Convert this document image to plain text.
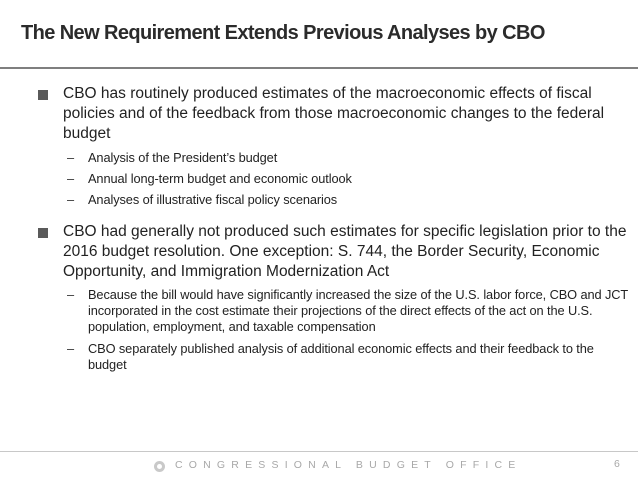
The New Requirement Extends Previous Analyses by CBO
CBO has routinely produced estimates of the macroeconomic effects of fiscal policies and of the feedback from those macroeconomic changes to the federal budget
– Analysis of the President’s budget
– Annual long-term budget and economic outlook
– Analyses of illustrative fiscal policy scenarios
CBO had generally not produced such estimates for specific legislation prior to the 2016 budget resolution. One exception: S. 744, the Border Security, Economic Opportunity, and Immigration Modernization Act
– Because the bill would have significantly increased the size of the U.S. labor force, CBO and JCT incorporated in the cost estimate their projections of the direct effects of the act on the U.S. population, employment, and taxable compensation
– CBO separately published analysis of additional economic effects and their feedback to the budget
CONGRESSIONAL BUDGET OFFICE	6
